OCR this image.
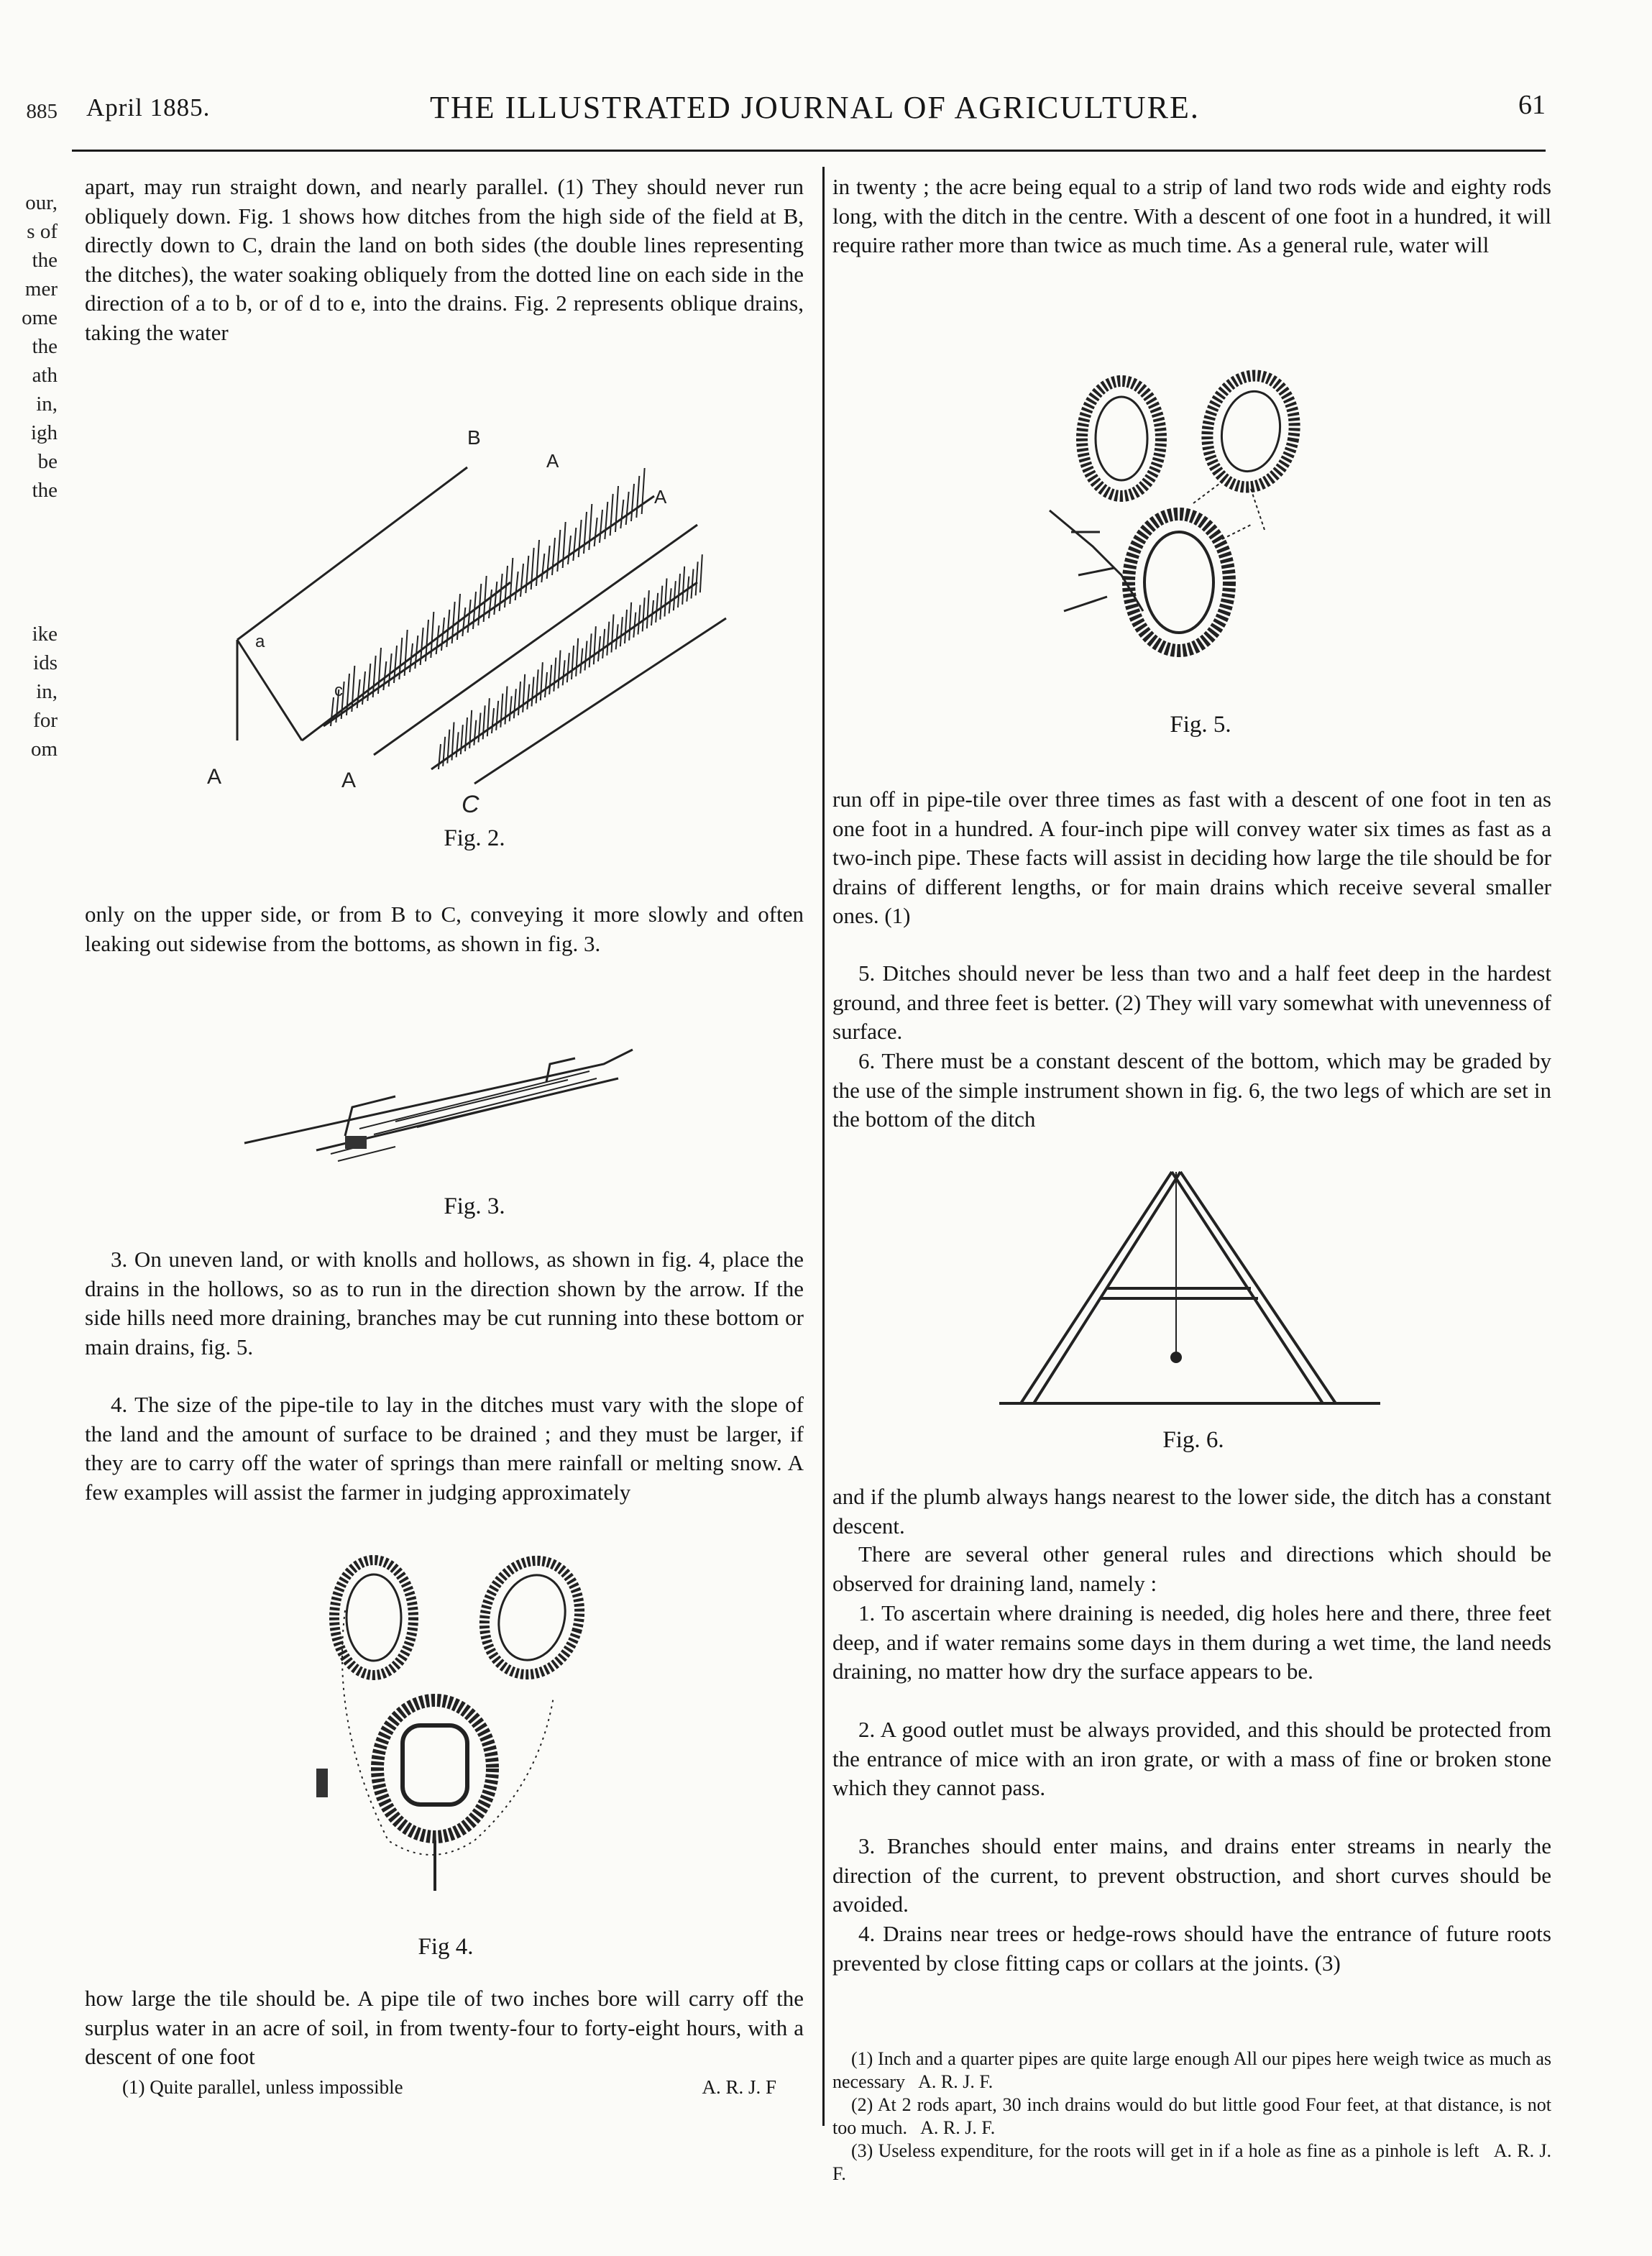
April 1885.	THE ILLUSTRATED JOURNAL OF AGRICULTURE.	61
885
our,
s of
the
mer
ome
the
ath
in,
igh
be
the
ike
ids
in,
for
om

apart, may run straight down, and nearly parallel. (1) They should never run obliquely down. Fig. 1 shows how ditches from the high side of the field at B, directly down to C, drain the land on both sides (the double lines representing the ditches), the water soaking obliquely from the dotted line on each side in the direction of a to b, or of d to e, into the drains. Fig. 2 represents oblique drains, taking the water

B
A
A
a
c
A	A
C
Fig. 2.

only on the upper side, or from B to C, conveying it more slowly and often leaking out sidewise from the bottoms, as shown in fig. 3.

Fig. 3.

3. On uneven land, or with knolls and hollows, as shown in fig. 4, place the drains in the hollows, so as to run in the direction shown by the arrow. If the side hills need more draining, branches may be cut running into these bottom or main drains, fig. 5.

4. The size of the pipe-tile to lay in the ditches must vary with the slope of the land and the amount of surface to be drained ; and they must be larger, if they are to carry off the water of springs than mere rainfall or melting snow. A few examples will assist the farmer in judging approximately

Fig 4.

how large the tile should be. A pipe tile of two inches bore will carry off the surplus water in an acre of soil, in from twenty-four to forty-eight hours, with a descent of one foot

(1) Quite parallel, unless impossible	A. R. J. F

in twenty ; the acre being equal to a strip of land two rods wide and eighty rods long, with the ditch in the centre. With a descent of one foot in a hundred, it will require rather more than twice as much time. As a general rule, water will

Fig. 5.

run off in pipe-tile over three times as fast with a descent of one foot in ten as one foot in a hundred. A four-inch pipe will convey water six times as fast as a two-inch pipe. These facts will assist in deciding how large the tile should be for drains of different lengths, or for main drains which receive several smaller ones. (1)

5. Ditches should never be less than two and a half feet deep in the hardest ground, and three feet is better. (2) They will vary somewhat with unevenness of surface.

6. There must be a constant descent of the bottom, which may be graded by the use of the simple instrument shown in fig. 6, the two legs of which are set in the bottom of the ditch

Fig. 6.

and if the plumb always hangs nearest to the lower side, the ditch has a constant descent.

There are several other general rules and directions which should be observed for draining land, namely :

1. To ascertain where draining is needed, dig holes here and there, three feet deep, and if water remains some days in them during a wet time, the land needs draining, no matter how dry the surface appears to be.

2. A good outlet must be always provided, and this should be protected from the entrance of mice with an iron grate, or with a mass of fine or broken stone which they cannot pass.

3. Branches should enter mains, and drains enter streams in nearly the direction of the current, to prevent obstruction, and short curves should be avoided.

4. Drains near trees or hedge-rows should have the entrance of future roots prevented by close fitting caps or collars at the joints. (3)

(1) Inch and a quarter pipes are quite large enough All our pipes here weigh twice as much as necessary A. R. J. F.

(2) At 2 rods apart, 30 inch drains would do but little good Four feet, at that distance, is not too much. A. R. J. F.

(3) Useless expenditure, for the roots will get in if a hole as fine as a pinhole is left A. R. J. F.
